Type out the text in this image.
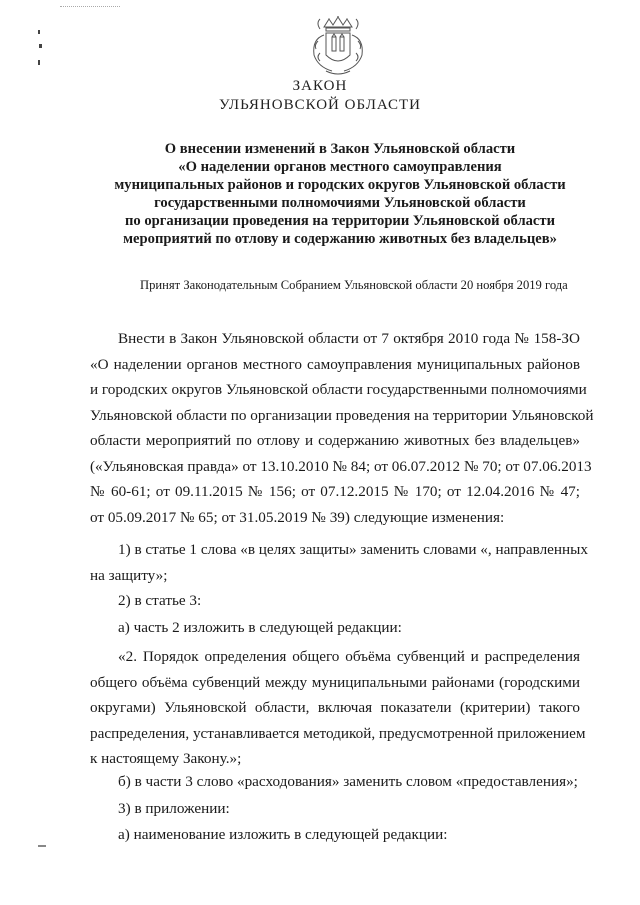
ЗАКОН
УЛЬЯНОВСКОЙ ОБЛАСТИ
О внесении изменений в Закон Ульяновской области
«О наделении органов местного самоуправления
муниципальных районов и городских округов Ульяновской области
государственными полномочиями Ульяновской области
по организации проведения на территории Ульяновской области
мероприятий по отлову и содержанию животных без владельцев»
Принят Законодательным Собранием Ульяновской области 20 ноября 2019 года
Внести в Закон Ульяновской области от 7 октября 2010 года № 158-ЗО
«О наделении органов местного самоуправления муниципальных районов
и городских округов Ульяновской области государственными полномочиями
Ульяновской области по организации проведения на территории Ульяновской
области мероприятий по отлову и содержанию животных без владельцев»
(«Ульяновская правда» от 13.10.2010 № 84; от 06.07.2012 № 70; от 07.06.2013
№ 60-61; от 09.11.2015 № 156; от 07.12.2015 № 170; от 12.04.2016 № 47;
от 05.09.2017 № 65; от 31.05.2019 № 39) следующие изменения:
1) в статье 1 слова «в целях защиты» заменить словами «, направленных
на защиту»;
2) в статье 3:
а) часть 2 изложить в следующей редакции:
«2. Порядок определения общего объёма субвенций и распределения
общего объёма субвенций между муниципальными районами (городскими
округами) Ульяновской области, включая показатели (критерии) такого
распределения, устанавливается методикой, предусмотренной приложением
к настоящему Закону.»;
б) в части 3 слово «расходования» заменить словом «предоставления»;
3) в приложении:
а) наименование изложить в следующей редакции:
